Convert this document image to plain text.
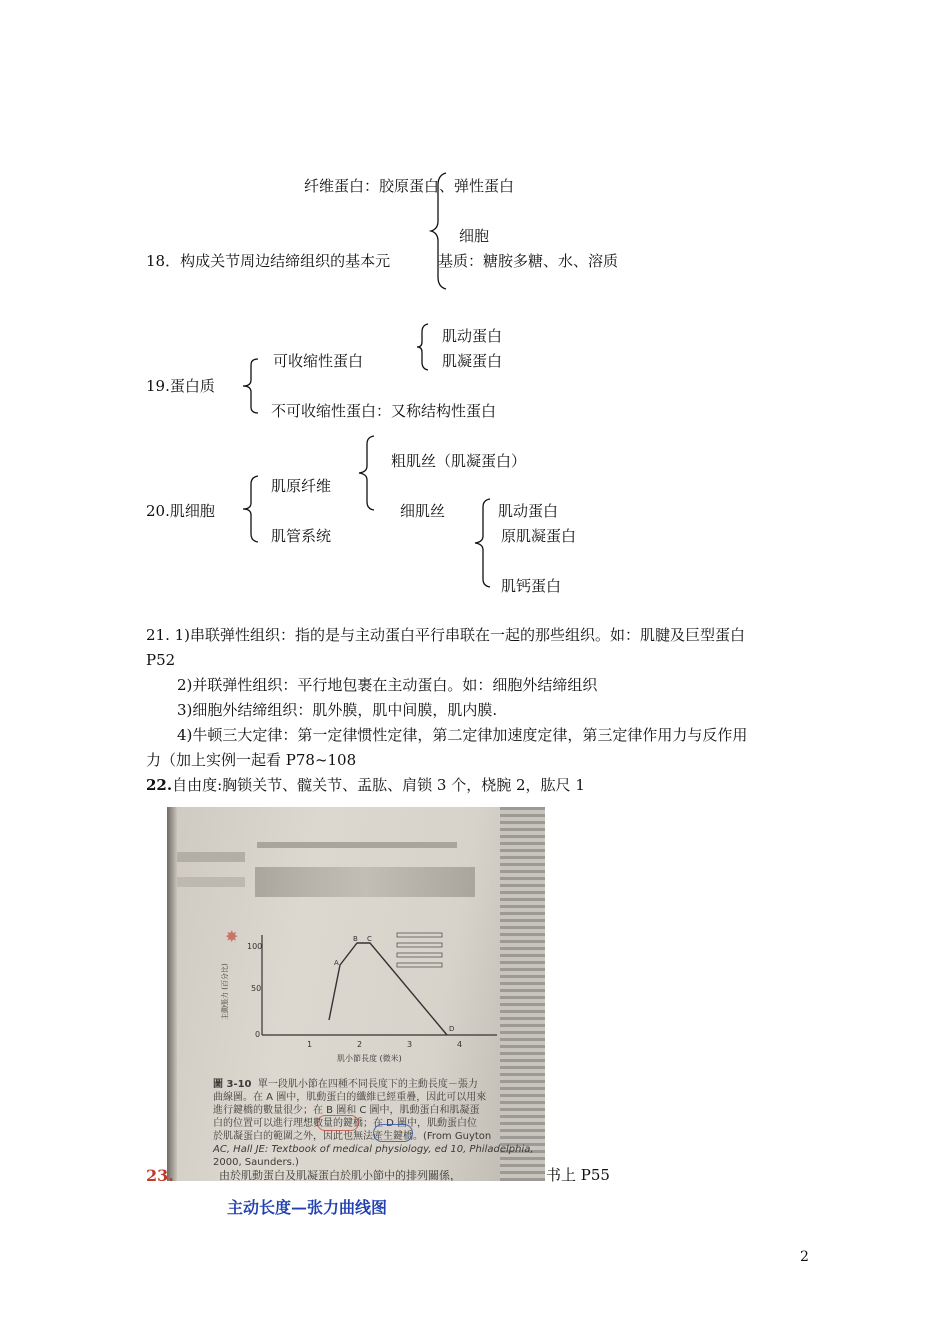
2
纤维蛋白：胶原蛋白、弹性蛋白
细胞
18．构成关节周边结缔组织的基本元	基质：糖胺多糖、水、溶质
肌动蛋白
可收缩性蛋白	肌凝蛋白
19.蛋白质
不可收缩性蛋白：又称结构性蛋白
粗肌丝（肌凝蛋白）
肌原纤维
20.肌细胞	细肌丝	肌动蛋白
肌管系统	原肌凝蛋白
肌钙蛋白
21. 1)串联弹性组织：指的是与主动蛋白平行串联在一起的那些组织。如：肌腱及巨型蛋白
P52
2)并联弹性组织：平行地包裹在主动蛋白。如：细胞外结缔组织
3)细胞外结缔组织：肌外膜，肌中间膜，肌内膜.
4)牛顿三大定律：第一定律惯性定律，第二定律加速度定律，第三定律作用力与反作用
力（加上实例一起看 P78~108
22.自由度:胸锁关节、髋关节、盂肱、肩锁 3 个，桡腕 2，肱尺 1
100
50
0
1	2	3	4
A
B C
D
肌小節長度 (微米)
主動張力 (百分比)
圖 3-10 單一段肌小節在四種不同長度下的主動長度－張力
曲線圖。在 A 圖中，肌動蛋白的纖維已經重疊，因此可以用來
進行鍵橋的數量很少；在 B 圖和 C 圖中，肌動蛋白和肌凝蛋
白的位置可以進行理想數量的鍵橋；在 D 圖中，肌動蛋白位
於肌凝蛋白的範圍之外，因此也無法產生鍵橋。(From Guyton
AC, Hall JE: Textbook of medical physiology, ed 10, Philadelphia,
2000, Saunders.)
由於肌動蛋白及肌凝蛋白於肌小節中的排列關係，
✸
23.	书上 P55
主动长度—张力曲线图
